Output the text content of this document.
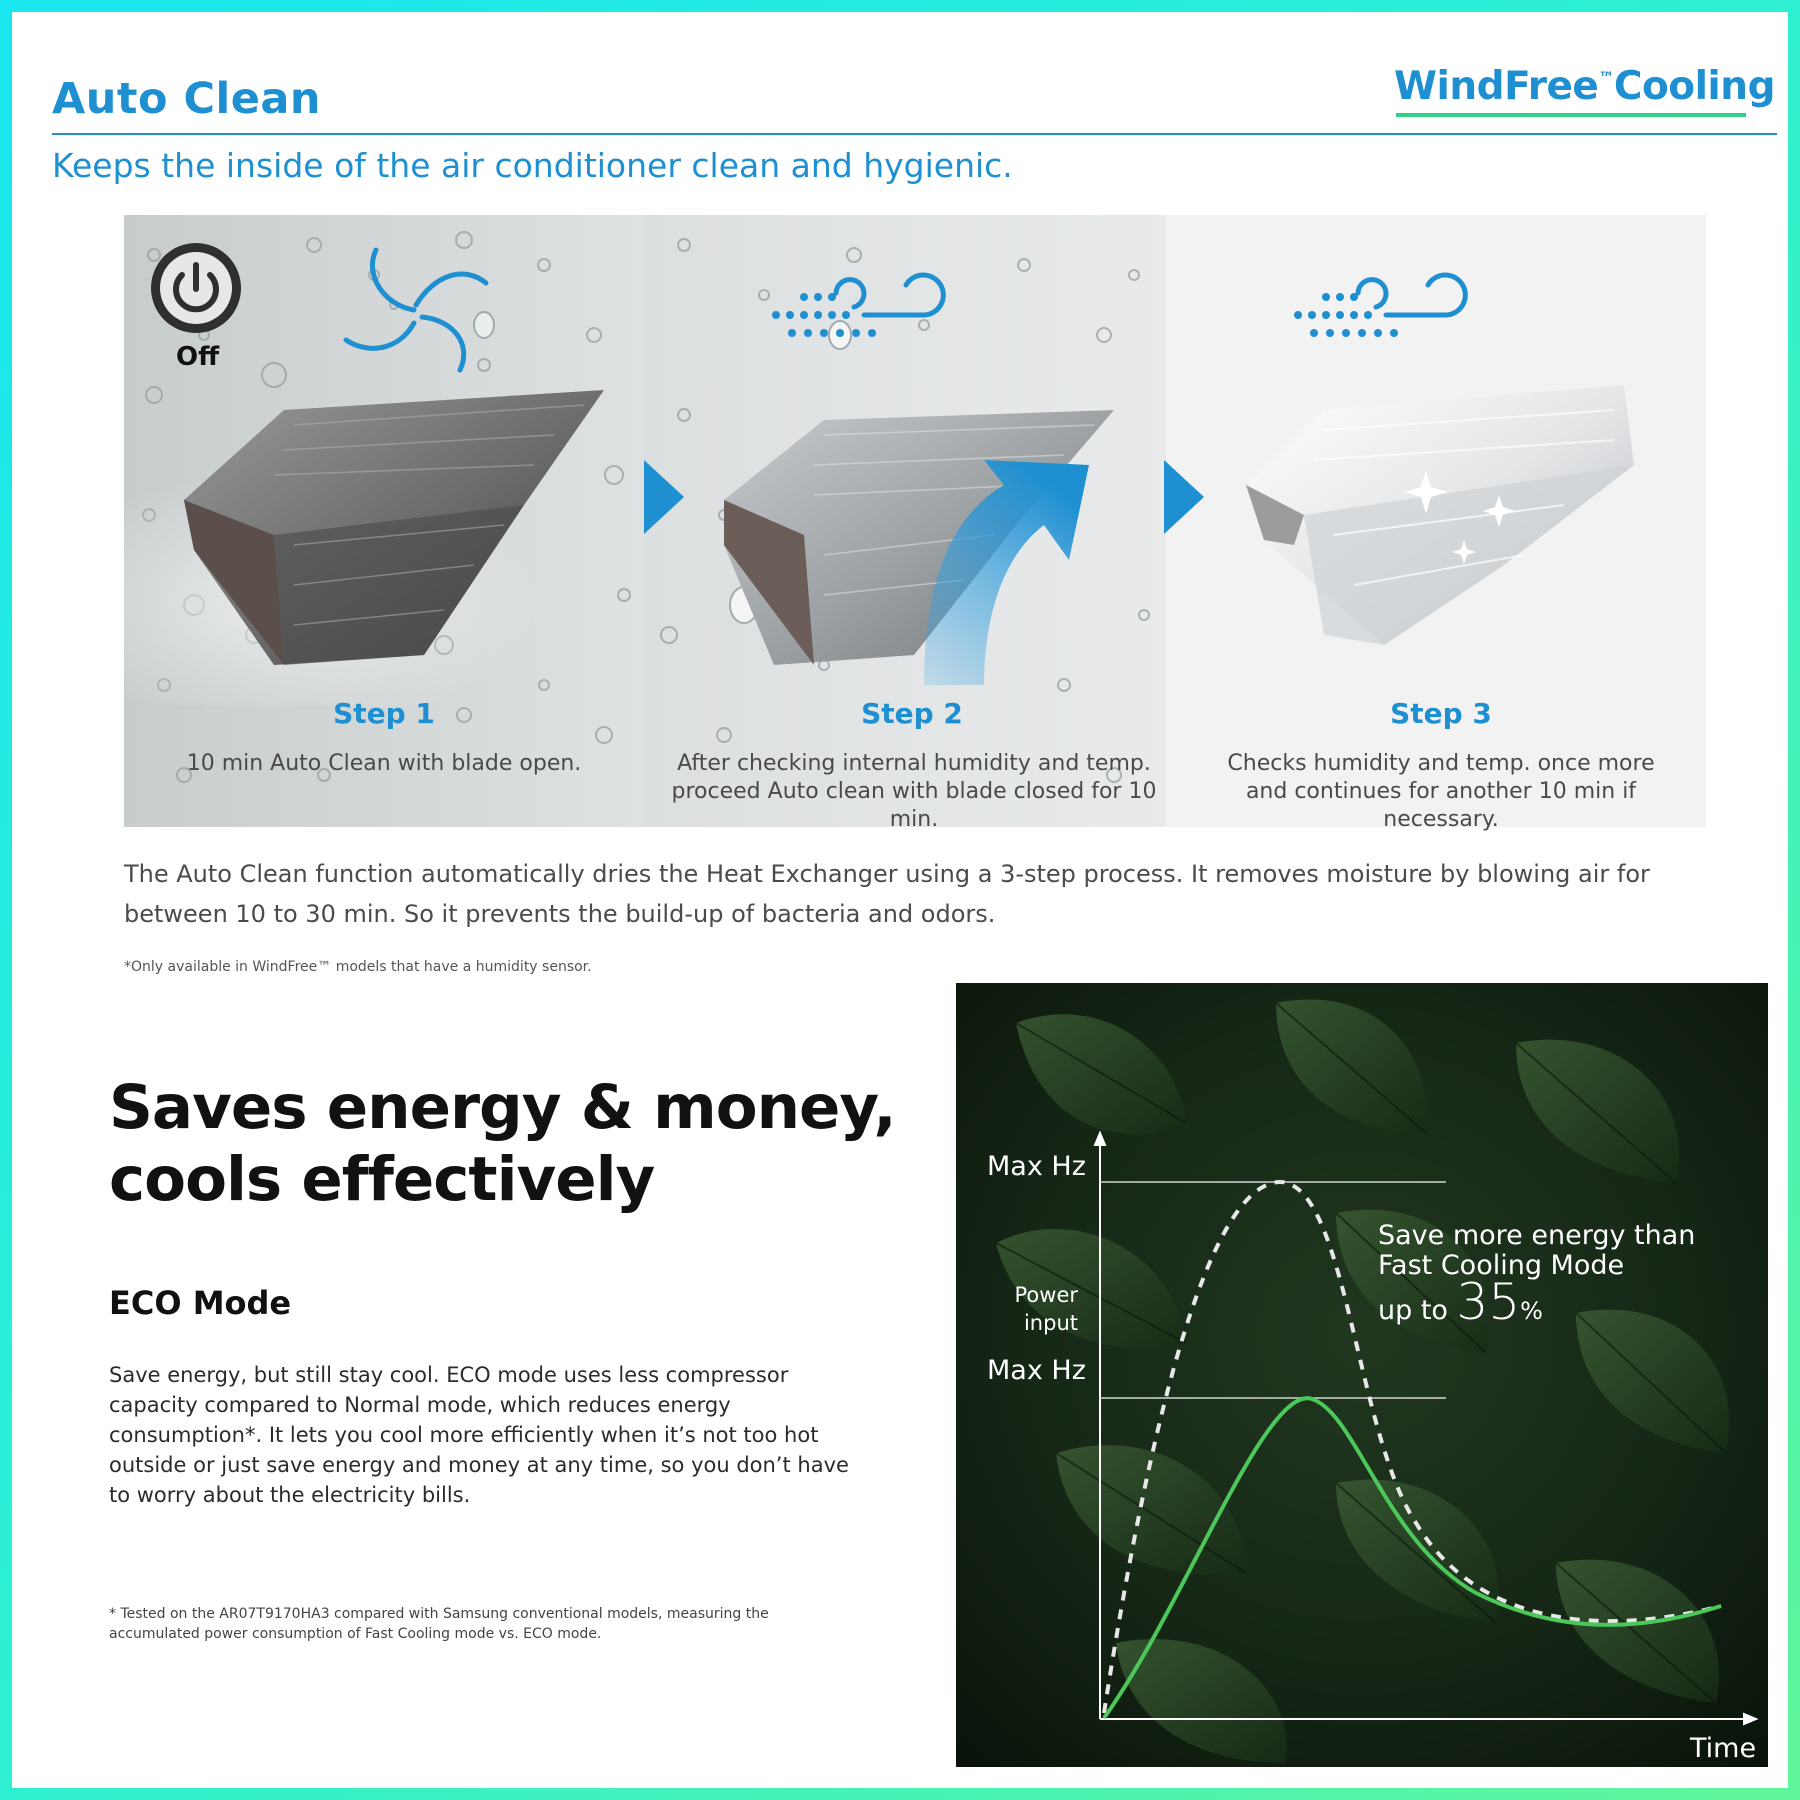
Auto Clean	WindFree™Cooling

Keeps the inside of the air conditioner clean and hygienic.

Off
Step 1
10 min Auto Clean with blade open.
Step 2
After checking internal humidity and temp. proceed Auto clean with blade closed for 10 min.
Step 3
Checks humidity and temp. once more and continues for another 10 min if necessary.

The Auto Clean function automatically dries the Heat Exchanger using a 3-step process. It removes moisture by blowing air for between 10 to 30 min. So it prevents the build-up of bacteria and odors.

*Only available in WindFree™ models that have a humidity sensor.
Saves energy & money,
cools effectively
ECO Mode

Save energy, but still stay cool. ECO mode uses less compressor capacity compared to Normal mode, which reduces energy consumption*. It lets you cool more efficiently when it’s not too hot outside or just save energy and money at any time, so you don’t have to worry about the electricity bills.

* Tested on the AR07T9170HA3 compared with Samsung conventional models, measuring the accumulated power consumption of Fast Cooling mode vs. ECO mode.
Max Hz
Power
input
Max Hz
Time
Save more energy than
Fast Cooling Mode
up to 35%
